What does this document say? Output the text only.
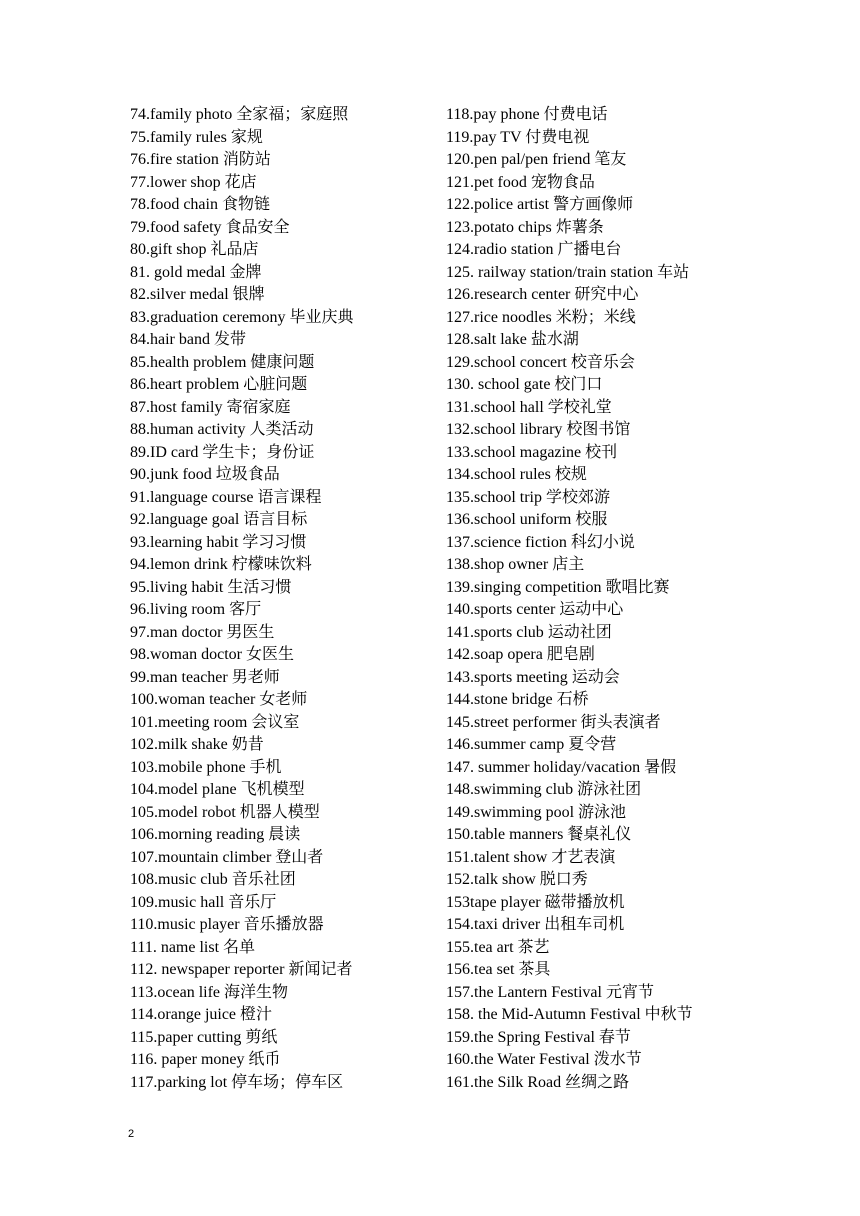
74.family photo 全家福；家庭照
75.family rules 家规
76.fire station 消防站
77.lower shop 花店
78.food chain 食物链
79.food safety 食品安全
80.gift shop 礼品店
81. gold medal 金牌
82.silver medal 银牌
83.graduation ceremony 毕业庆典
84.hair band 发带
85.health problem 健康问题
86.heart problem 心脏问题
87.host family 寄宿家庭
88.human activity 人类活动
89.ID card 学生卡；身份证
90.junk food 垃圾食品
91.language course 语言课程
92.language goal 语言目标
93.learning habit 学习习惯
94.lemon drink 柠檬味饮料
95.living habit 生活习惯
96.living room 客厅
97.man doctor 男医生
98.woman doctor 女医生
99.man teacher 男老师
100.woman teacher 女老师
101.meeting room 会议室
102.milk shake 奶昔
103.mobile phone 手机
104.model plane 飞机模型
105.model robot 机器人模型
106.morning reading 晨读
107.mountain climber 登山者
108.music club 音乐社团
109.music hall 音乐厅
110.music player 音乐播放器
111. name list 名单
112. newspaper reporter 新闻记者
113.ocean life 海洋生物
114.orange juice 橙汁
115.paper cutting 剪纸
116. paper money 纸币
117.parking lot 停车场；停车区
118.pay phone 付费电话
119.pay TV 付费电视
120.pen pal/pen friend 笔友
121.pet food 宠物食品
122.police artist 警方画像师
123.potato chips 炸薯条
124.radio station 广播电台
125. railway station/train station 车站
126.research center 研究中心
127.rice noodles 米粉；米线
128.salt lake 盐水湖
129.school concert 校音乐会
130. school gate 校门口
131.school hall 学校礼堂
132.school library 校图书馆
133.school magazine 校刊
134.school rules 校规
135.school trip 学校郊游
136.school uniform 校服
137.science fiction 科幻小说
138.shop owner 店主
139.singing competition 歌唱比赛
140.sports center 运动中心
141.sports club 运动社团
142.soap opera 肥皂剧
143.sports meeting 运动会
144.stone bridge 石桥
145.street performer 街头表演者
146.summer camp 夏令营
147. summer holiday/vacation 暑假
148.swimming club 游泳社团
149.swimming pool 游泳池
150.table manners 餐桌礼仪
151.talent show 才艺表演
152.talk show 脱口秀
153tape player 磁带播放机
154.taxi driver 出租车司机
155.tea art 茶艺
156.tea set 茶具
157.the Lantern Festival 元宵节
158. the Mid-Autumn Festival 中秋节
159.the Spring Festival 春节
160.the Water Festival 泼水节
161.the Silk Road 丝绸之路
2
